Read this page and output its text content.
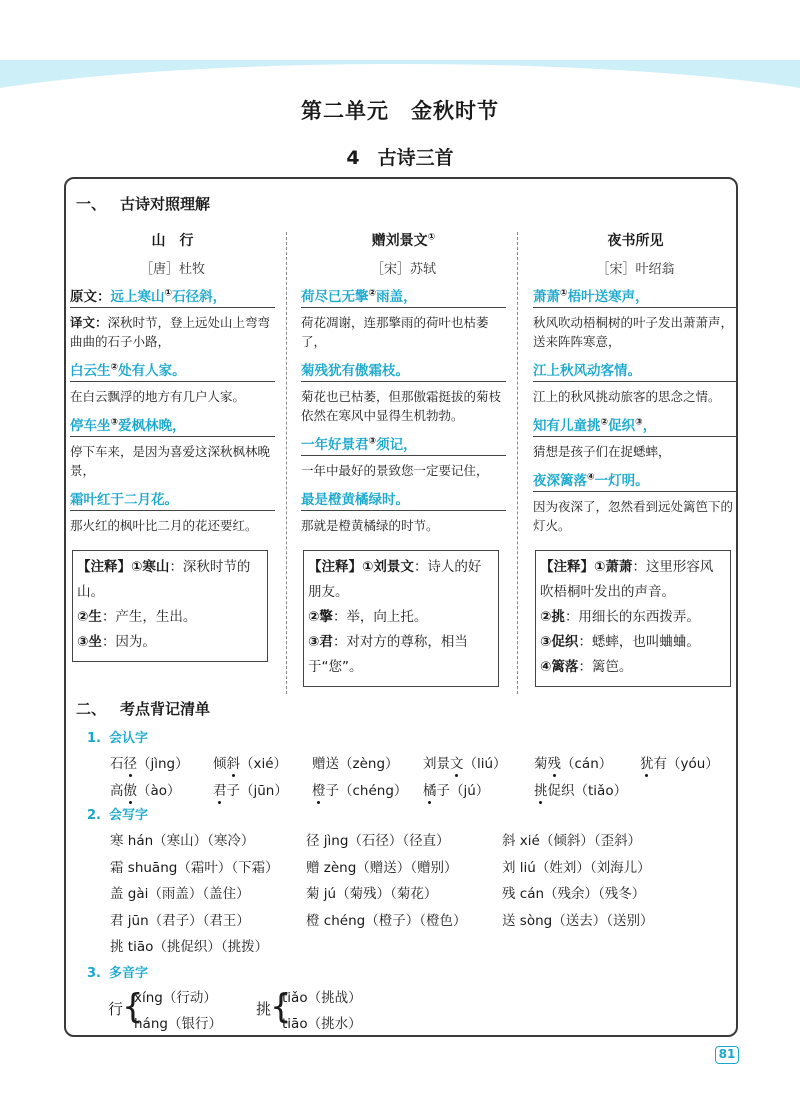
第二单元 金秋时节
4 古诗三首
一、 古诗对照理解
山　行
［唐］杜牧
原文：远上寒山①石径斜，
译文：深秋时节，登上远处山上弯弯曲曲的石子小路，
白云生②处有人家。
在白云飘浮的地方有几户人家。
停车坐③爱枫林晚，
停下车来，是因为喜爱这深秋枫林晚景，
霜叶红于二月花。
那火红的枫叶比二月的花还要红。
【注释】①寒山：深秋时节的山。
②生：产生，生出。
③坐：因为。
赠刘景文①
［宋］苏轼
荷尽已无擎②雨盖，
荷花凋谢，连那擎雨的荷叶也枯萎了，
菊残犹有傲霜枝。
菊花也已枯萎，但那傲霜挺拔的菊枝依然在寒风中显得生机勃勃。
一年好景君③须记，
一年中最好的景致您一定要记住，
最是橙黄橘绿时。
那就是橙黄橘绿的时节。
【注释】①刘景文：诗人的好朋友。
②擎：举，向上托。
③君：对对方的尊称，相当于“您”。
夜书所见
［宋］叶绍翁
萧萧①梧叶送寒声，
秋风吹动梧桐树的叶子发出萧萧声，送来阵阵寒意，
江上秋风动客情。
江上的秋风挑动旅客的思念之情。
知有儿童挑②促织③，
猜想是孩子们在捉蟋蟀，
夜深篱落④一灯明。
因为夜深了，忽然看到远处篱笆下的灯火。
【注释】①萧萧：这里形容风吹梧桐叶发出的声音。
②挑：用细长的东西拨弄。
③促织：蟋蟀，也叫蛐蛐。
④篱落：篱笆。
二、 考点背记清单
1. 会认字
石径（jìng） 倾斜（xié） 赠送（zèng） 刘景文（liú） 菊残（cán） 犹有（yóu）
高傲（ào） 君子（jūn） 橙子（chéng） 橘子（jú）	挑促织（tiǎo）
2. 会写字
寒 hán（寒山）（寒冷）	径 jìng（石径）（径直）	斜 xié（倾斜）（歪斜）
霜 shuāng（霜叶）（下霜） 赠 zèng（赠送）（赠别）	刘 liú（姓刘）（刘海儿）
盖 gài（雨盖）（盖住）	菊 jú（菊残）（菊花）	残 cán（残余）（残冬）
君 jūn（君子）（君王）	橙 chéng（橙子）（橙色）	送 sòng（送去）（送别）
挑 tiāo（挑促织）（挑拨）
3. 多音字
行
{
xíng（行动）
háng（银行）
挑
{
tiǎo（挑战）
tiāo（挑水）
81
